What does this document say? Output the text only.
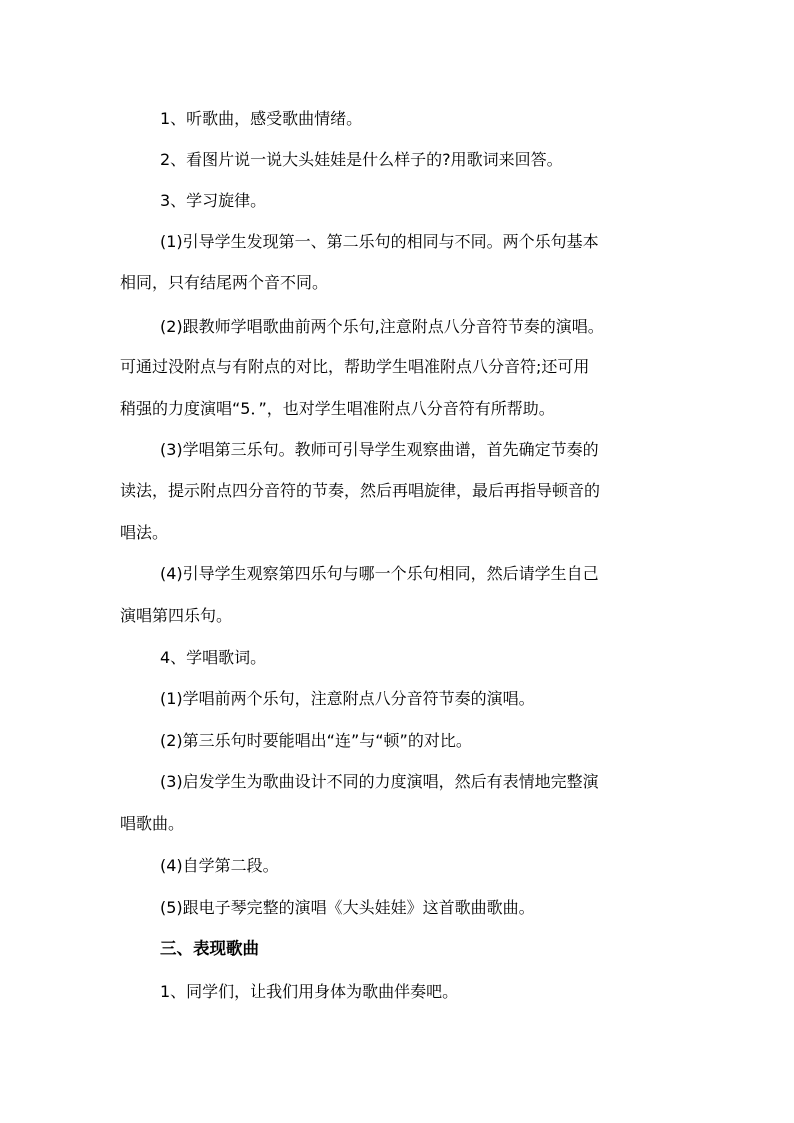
1、听歌曲，感受歌曲情绪。
2、看图片说一说大头娃娃是什么样子的?用歌词来回答。
3、学习旋律。
(1)引导学生发现第一、第二乐句的相同与不同。两个乐句基本
相同，只有结尾两个音不同。
(2)跟教师学唱歌曲前两个乐句,注意附点八分音符节奏的演唱。
可通过没附点与有附点的对比，帮助学生唱准附点八分音符;还可用
稍强的力度演唱“5．”，也对学生唱准附点八分音符有所帮助。
(3)学唱第三乐句。教师可引导学生观察曲谱，首先确定节奏的
读法，提示附点四分音符的节奏，然后再唱旋律，最后再指导顿音的
唱法。
(4)引导学生观察第四乐句与哪一个乐句相同，然后请学生自己
演唱第四乐句。
4、学唱歌词。
(1)学唱前两个乐句，注意附点八分音符节奏的演唱。
(2)第三乐句时要能唱出“连”与“顿”的对比。
(3)启发学生为歌曲设计不同的力度演唱，然后有表情地完整演
唱歌曲。
(4)自学第二段。
(5)跟电子琴完整的演唱《大头娃娃》这首歌曲歌曲。
三、表现歌曲
1、同学们，让我们用身体为歌曲伴奏吧。
